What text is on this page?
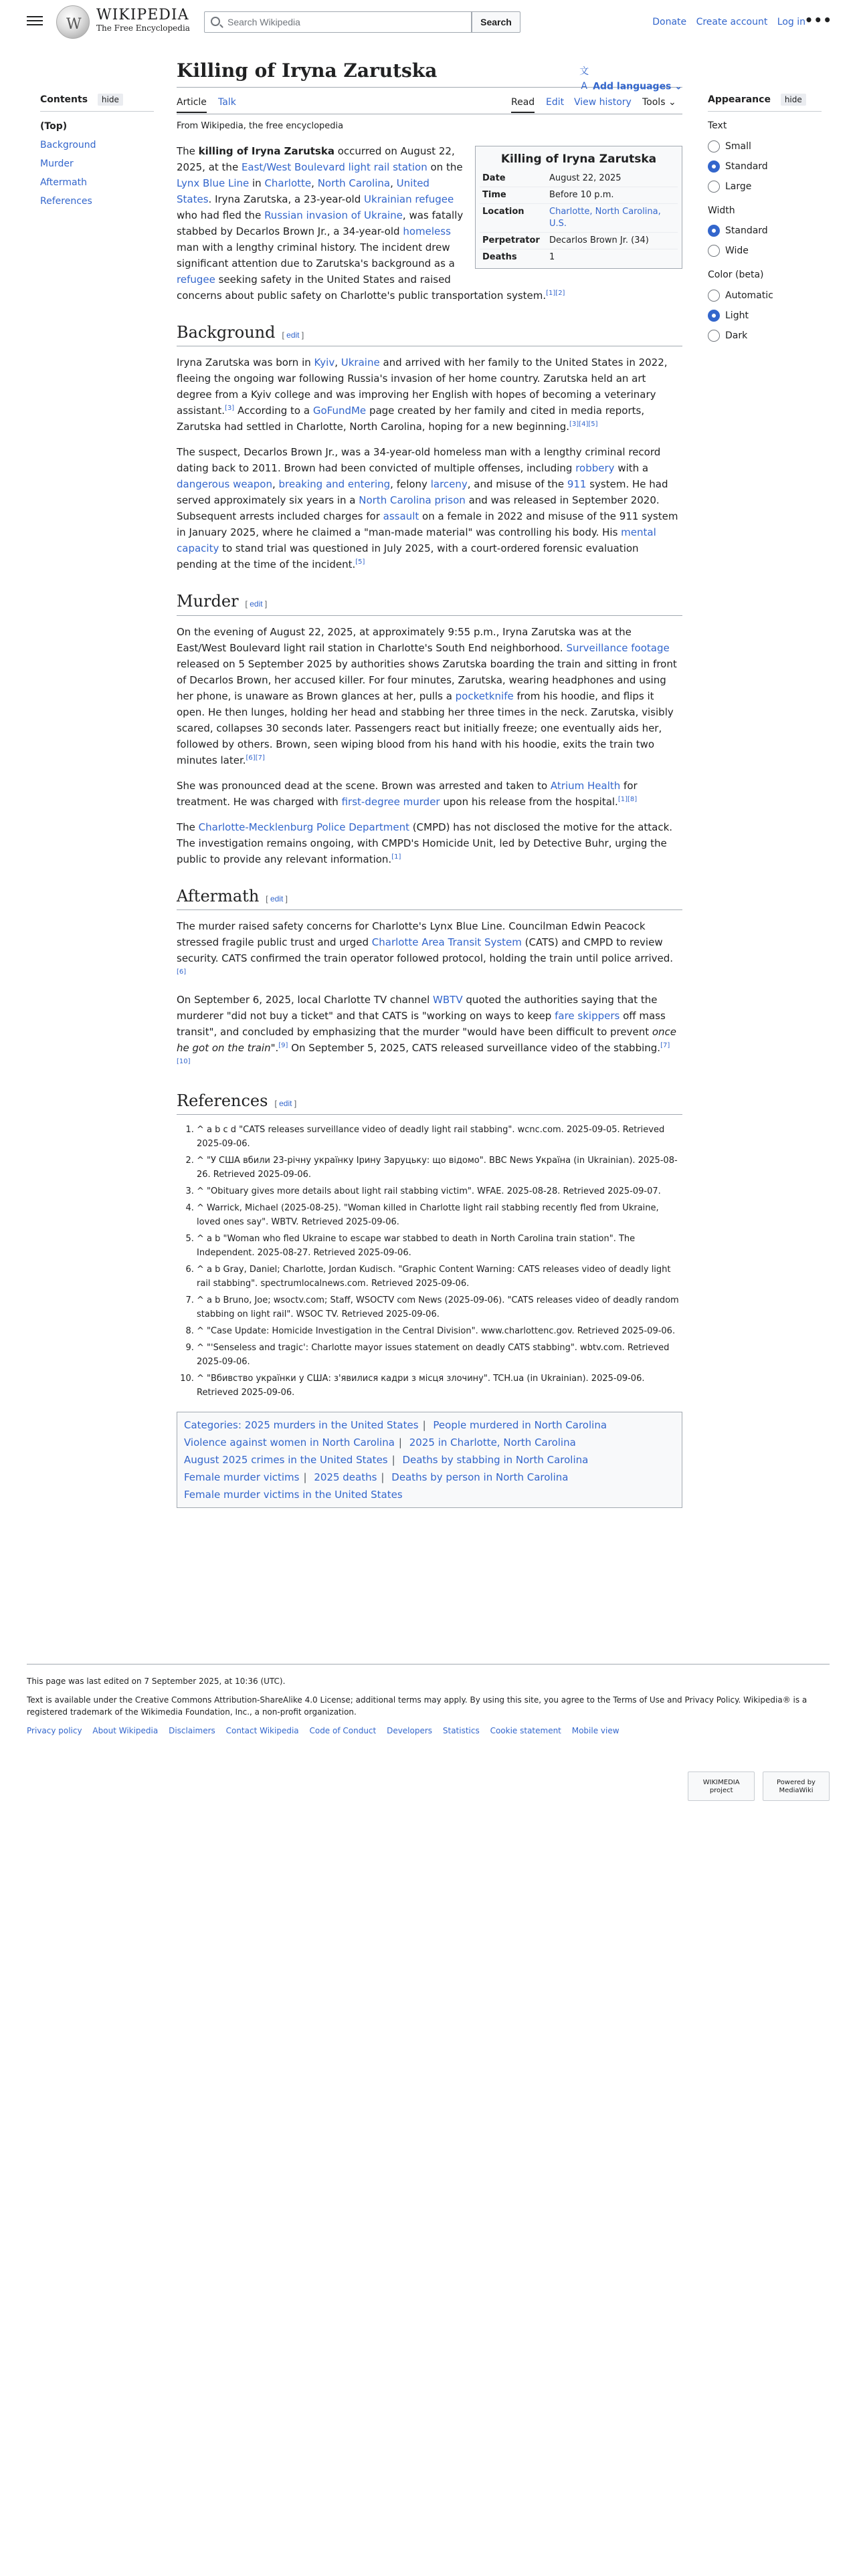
W
WIKIPEDIA
The Free Encyclopedia
Search Wikipedia
Search	Donate Create account Log in
•••
Contents hide
(Top)
Background
Murder
Aftermath
References
Killing of Iryna Zarutska	文A Add languages ⌄
Article Talk	Read Edit View history Tools ⌄
From Wikipedia, the free encyclopedia
Killing of Iryna Zarutska
Date	August 22, 2025
Time	Before 10 p.m.
Location	Charlotte, North Carolina, U.S.
Perpetrator	Decarlos Brown Jr. (34)
Deaths	1

The killing of Iryna Zarutska occurred on August 22, 2025, at the East/West Boulevard light rail station on the Lynx Blue Line in Charlotte, North Carolina, United States. Iryna Zarutska, a 23-year-old Ukrainian refugee who had fled the Russian invasion of Ukraine, was fatally stabbed by Decarlos Brown Jr., a 34-year-old homeless man with a lengthy criminal history. The incident drew significant attention due to Zarutska's background as a refugee seeking safety in the United States and raised concerns about public safety on Charlotte's public transportation system.[1][2]

Background [ edit ]

Iryna Zarutska was born in Kyiv, Ukraine and arrived with her family to the United States in 2022, fleeing the ongoing war following Russia's invasion of her home country. Zarutska held an art degree from a Kyiv college and was improving her English with hopes of becoming a veterinary assistant.[3] According to a GoFundMe page created by her family and cited in media reports, Zarutska had settled in Charlotte, North Carolina, hoping for a new beginning.[3][4][5]

The suspect, Decarlos Brown Jr., was a 34-year-old homeless man with a lengthy criminal record dating back to 2011. Brown had been convicted of multiple offenses, including robbery with a dangerous weapon, breaking and entering, felony larceny, and misuse of the 911 system. He had served approximately six years in a North Carolina prison and was released in September 2020. Subsequent arrests included charges for assault on a female in 2022 and misuse of the 911 system in January 2025, where he claimed a "man-made material" was controlling his body. His mental capacity to stand trial was questioned in July 2025, with a court-ordered forensic evaluation pending at the time of the incident.[5]

Murder [ edit ]

On the evening of August 22, 2025, at approximately 9:55 p.m., Iryna Zarutska was at the East/West Boulevard light rail station in Charlotte's South End neighborhood. Surveillance footage released on 5 September 2025 by authorities shows Zarutska boarding the train and sitting in front of Decarlos Brown, her accused killer. For four minutes, Zarutska, wearing headphones and using her phone, is unaware as Brown glances at her, pulls a pocketknife from his hoodie, and flips it open. He then lunges, holding her head and stabbing her three times in the neck. Zarutska, visibly scared, collapses 30 seconds later. Passengers react but initially freeze; one eventually aids her, followed by others. Brown, seen wiping blood from his hand with his hoodie, exits the train two minutes later.[6][7]

She was pronounced dead at the scene. Brown was arrested and taken to Atrium Health for treatment. He was charged with first-degree murder upon his release from the hospital.[1][8]

The Charlotte-Mecklenburg Police Department (CMPD) has not disclosed the motive for the attack. The investigation remains ongoing, with CMPD's Homicide Unit, led by Detective Buhr, urging the public to provide any relevant information.[1]

Aftermath [ edit ]

The murder raised safety concerns for Charlotte's Lynx Blue Line. Councilman Edwin Peacock stressed fragile public trust and urged Charlotte Area Transit System (CATS) and CMPD to review security. CATS confirmed the train operator followed protocol, holding the train until police arrived.[6]

On September 6, 2025, local Charlotte TV channel WBTV quoted the authorities saying that the murderer "did not buy a ticket" and that CATS is "working on ways to keep fare skippers off mass transit", and concluded by emphasizing that the murder "would have been difficult to prevent once he got on the train".[9] On September 5, 2025, CATS released surveillance video of the stabbing.[7][10]

References [ edit ]
1. ^ a b c d "CATS releases surveillance video of deadly light rail stabbing". wcnc.com. 2025-09-05. Retrieved 2025-09-06.
2. ^ "У США вбили 23-річну українку Ірину Заруцьку: що відомо". BBC News Україна (in Ukrainian). 2025-08-26. Retrieved 2025-09-06.
3. ^ "Obituary gives more details about light rail stabbing victim". WFAE. 2025-08-28. Retrieved 2025-09-07.
4. ^ Warrick, Michael (2025-08-25). "Woman killed in Charlotte light rail stabbing recently fled from Ukraine, loved ones say". WBTV. Retrieved 2025-09-06.
5. ^ a b "Woman who fled Ukraine to escape war stabbed to death in North Carolina train station". The Independent. 2025-08-27. Retrieved 2025-09-06.
6. ^ a b Gray, Daniel; Charlotte, Jordan Kudisch. "Graphic Content Warning: CATS releases video of deadly light rail stabbing". spectrumlocalnews.com. Retrieved 2025-09-06.
7. ^ a b Bruno, Joe; wsoctv.com; Staff, WSOCTV com News (2025-09-06). "CATS releases video of deadly random stabbing on light rail". WSOC TV. Retrieved 2025-09-06.
8. ^ "Case Update: Homicide Investigation in the Central Division". www.charlottenc.gov. Retrieved 2025-09-06.
9. ^ "'Senseless and tragic': Charlotte mayor issues statement on deadly CATS stabbing". wbtv.com. Retrieved 2025-09-06.
10. ^ "Вбивство українки у США: з'явилися кадри з місця злочину". TCH.ua (in Ukrainian). 2025-09-06. Retrieved 2025-09-06.
Categories: 2025 murders in the United States | People murdered in North Carolina
Violence against women in North Carolina | 2025 in Charlotte, North Carolina
August 2025 crimes in the United States | Deaths by stabbing in North Carolina
Female murder victims | 2025 deaths | Deaths by person in North Carolina
Female murder victims in the United States
Appearance hide
Text
Small
Standard
Large
Width
Standard
Wide
Color (beta)
Automatic
Light
Dark

This page was last edited on 7 September 2025, at 10:36 (UTC).

Text is available under the Creative Commons Attribution-ShareAlike 4.0 License; additional terms may apply. By using this site, you agree to the Terms of Use and Privacy Policy. Wikipedia® is a registered trademark of the Wikimedia Foundation, Inc., a non-profit organization.

Privacy policy About Wikipedia Disclaimers Contact Wikipedia Code of Conduct Developers Statistics Cookie statement Mobile view
WIKIMEDIA project Powered by MediaWiki
